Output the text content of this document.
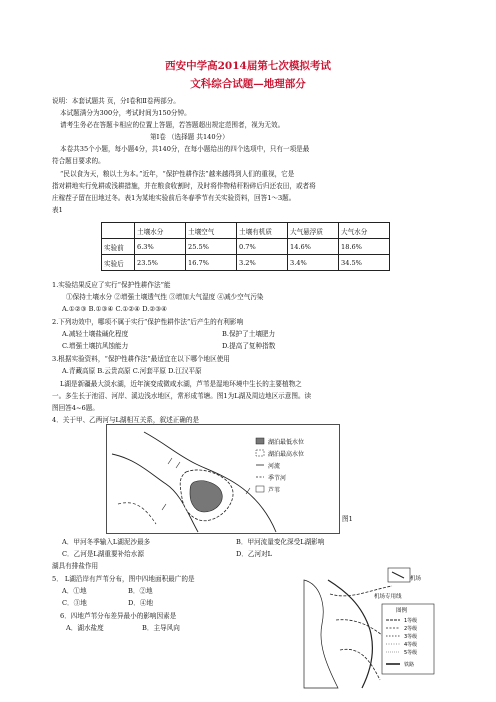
西安中学高2014届第七次模拟考试
文科综合试题—地理部分
说明：本套试题共 页，分Ⅰ卷和Ⅱ卷两部分。
本试题满分为300分，考试时间为150分钟。
请考生务必在答题卡相应的位置上答题，若答题超出规定范围者，视为无效。
第Ⅰ卷 （选择题 共140分）
本卷共35个小题，每小题4分，共140分，在每小题给出的四个选项中，只有一项是最
符合题目要求的。
“民以食为天，粮以土为本。”近年，“保护性耕作法”越来越得到人们的重视，它是
指对耕地实行免耕或浅耕措施，并在粮食收割时，及时将作物秸秆粉碎后归还农田，或者将
庄稼茬子留在田地过冬。表1为某地实验前后冬春季节有关实验资料，回答1～3题。
表1
	土壤水分	土壤空气	土壤有机质	大气悬浮质	大气水分
实验前	6.3%	25.5%	0.7%	14.6%	18.6%
实验后	23.5%	16.7%	3.2%	3.4%	34.5%
1.实验结果反应了实行“保护性耕作法”能
①保持土壤水分 ②增强土壤透气性 ③增加大气湿度 ④减少空气污染
A.①②③ B.①③④ C.①②④ D.②③④
2.下列功效中，哪项不属于实行“保护性耕作法”后产生的有利影响
A.减轻土壤盐碱化程度	B.保护了土壤肥力
C.增强土壤抗风蚀能力	D.提高了复种指数
3.根据实验资料，“保护性耕作法”最适宜在以下哪个地区使用
A.青藏高原 B.云贵高原 C.河套平原 D.江汉平原
L湖是新疆最大淡水湖，近年演变成微咸水湖，芦苇是湿地环境中生长的主要植物之
一。多生长于池沼、河岸、溪边浅水地区，常形成苇塘。图1为L湖及周边地区示意图。读
图回答4~6题。
4．关于甲、乙两河与L湖相互关系，叙述正确的是
湖泊最低水位
湖泊最高水位
河流
季节河
芦苇
图1
A．甲河冬季输入L湖泥沙最多	B．甲河流量变化深受L湖影响
C．乙河是L湖重要补给水源	D．乙河对L
湖具有排盐作用
5． L湖沿岸有芦苇分布，图中四地面积最广的是
A．①地	B．②地
C．③地	D．④地
6．四地芦苇分布差异最小的影响因素是
A．湖水盐度	B．主导风向
机场
机场专用线
图例
1等级
2等级
3等级
4等级
5等级
铁路
